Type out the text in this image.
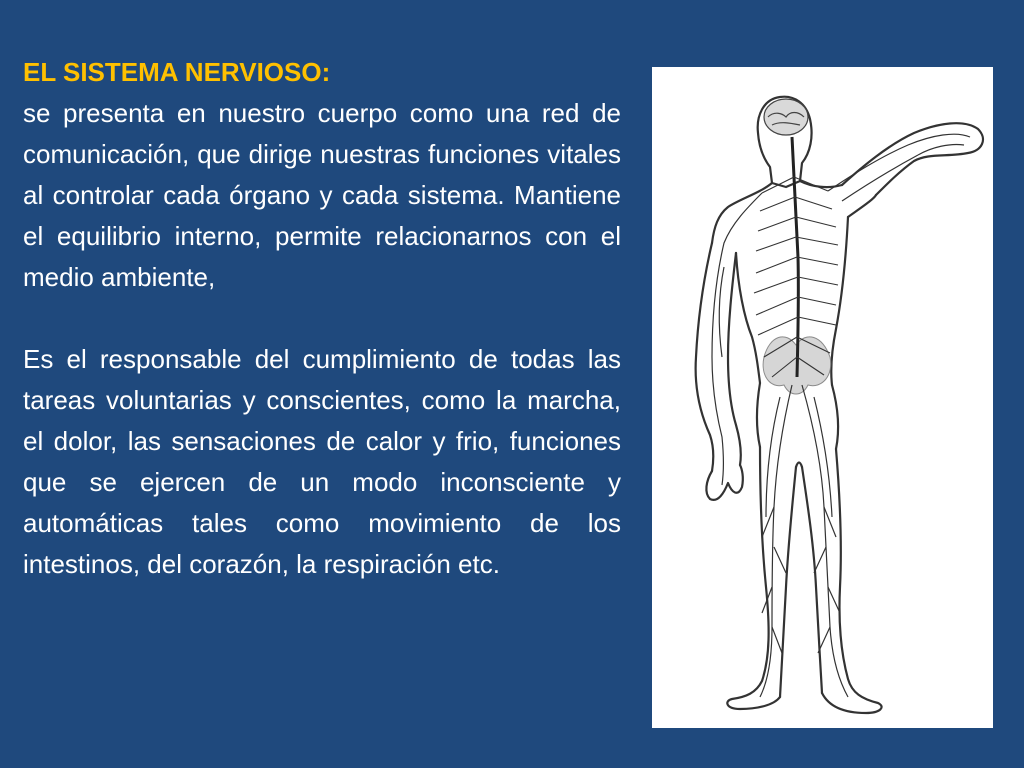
EL SISTEMA NERVIOSO:

se presenta en nuestro cuerpo como una red de comunicación, que dirige nuestras funciones vitales al controlar cada órgano y cada sistema. Mantiene el equilibrio interno, permite relacionarnos con el medio ambiente,

Es el responsable del cumplimiento de todas las tareas voluntarias y conscientes, como la marcha, el dolor, las sensaciones de calor y frio, funciones que se ejercen de un modo inconsciente y automáticas tales como movimiento de los intestinos, del corazón, la respiración etc.
